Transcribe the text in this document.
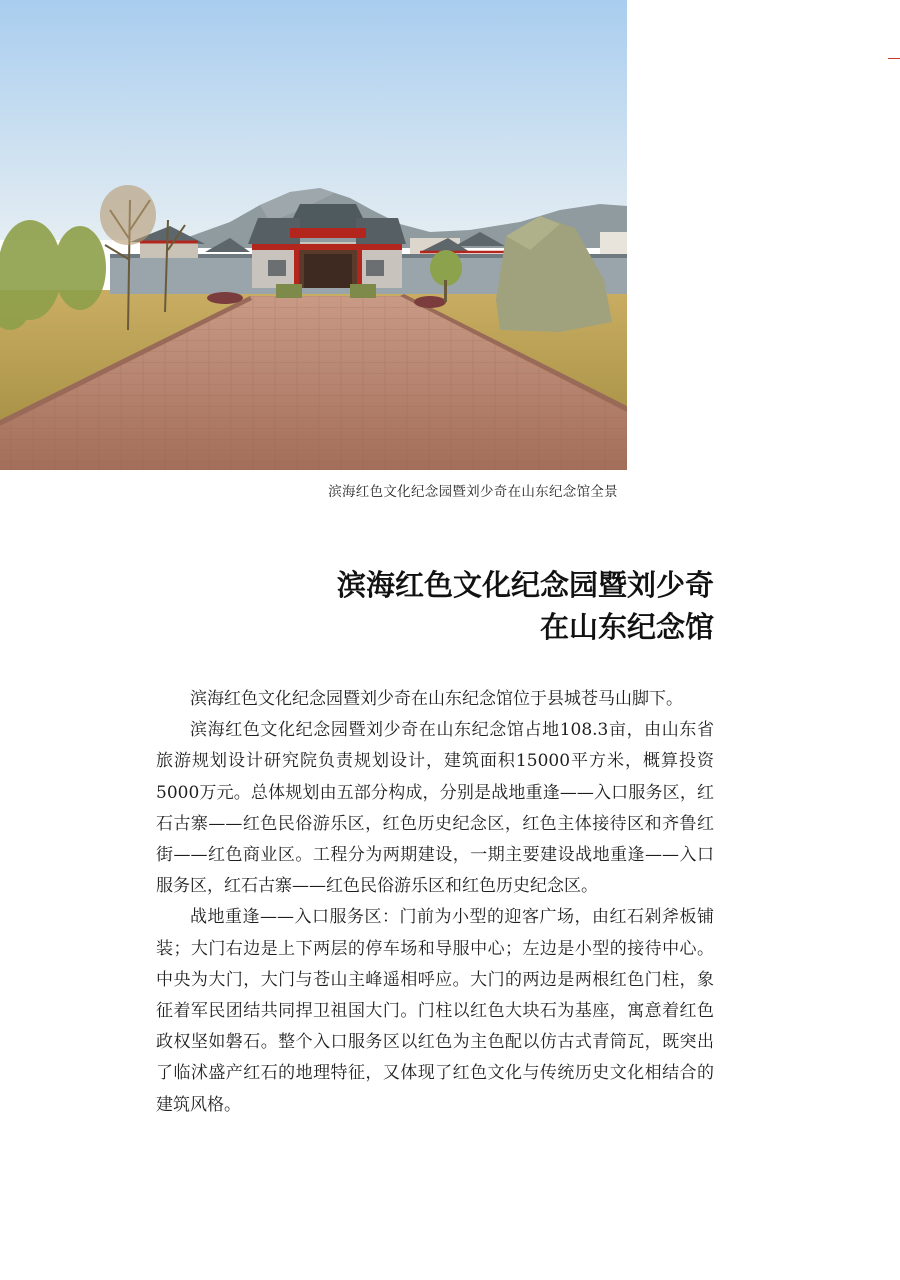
滨海红色文化纪念园暨刘少奇在山东纪念馆全景
滨海红色文化纪念园暨刘少奇
在山东纪念馆

滨海红色文化纪念园暨刘少奇在山东纪念馆位于县城苍马山脚下。

滨海红色文化纪念园暨刘少奇在山东纪念馆占地108.3亩，由山东省旅游规划设计研究院负责规划设计，建筑面积15000平方米，概算投资5000万元。总体规划由五部分构成，分别是战地重逢——入口服务区，红石古寨——红色民俗游乐区，红色历史纪念区，红色主体接待区和齐鲁红街——红色商业区。工程分为两期建设，一期主要建设战地重逢——入口服务区，红石古寨——红色民俗游乐区和红色历史纪念区。

战地重逢——入口服务区：门前为小型的迎客广场，由红石剁斧板铺装；大门右边是上下两层的停车场和导服中心；左边是小型的接待中心。中央为大门，大门与苍山主峰遥相呼应。大门的两边是两根红色门柱，象征着军民团结共同捍卫祖国大门。门柱以红色大块石为基座，寓意着红色政权坚如磐石。整个入口服务区以红色为主色配以仿古式青筒瓦，既突出了临沭盛产红石的地理特征，又体现了红色文化与传统历史文化相结合的建筑风格。
